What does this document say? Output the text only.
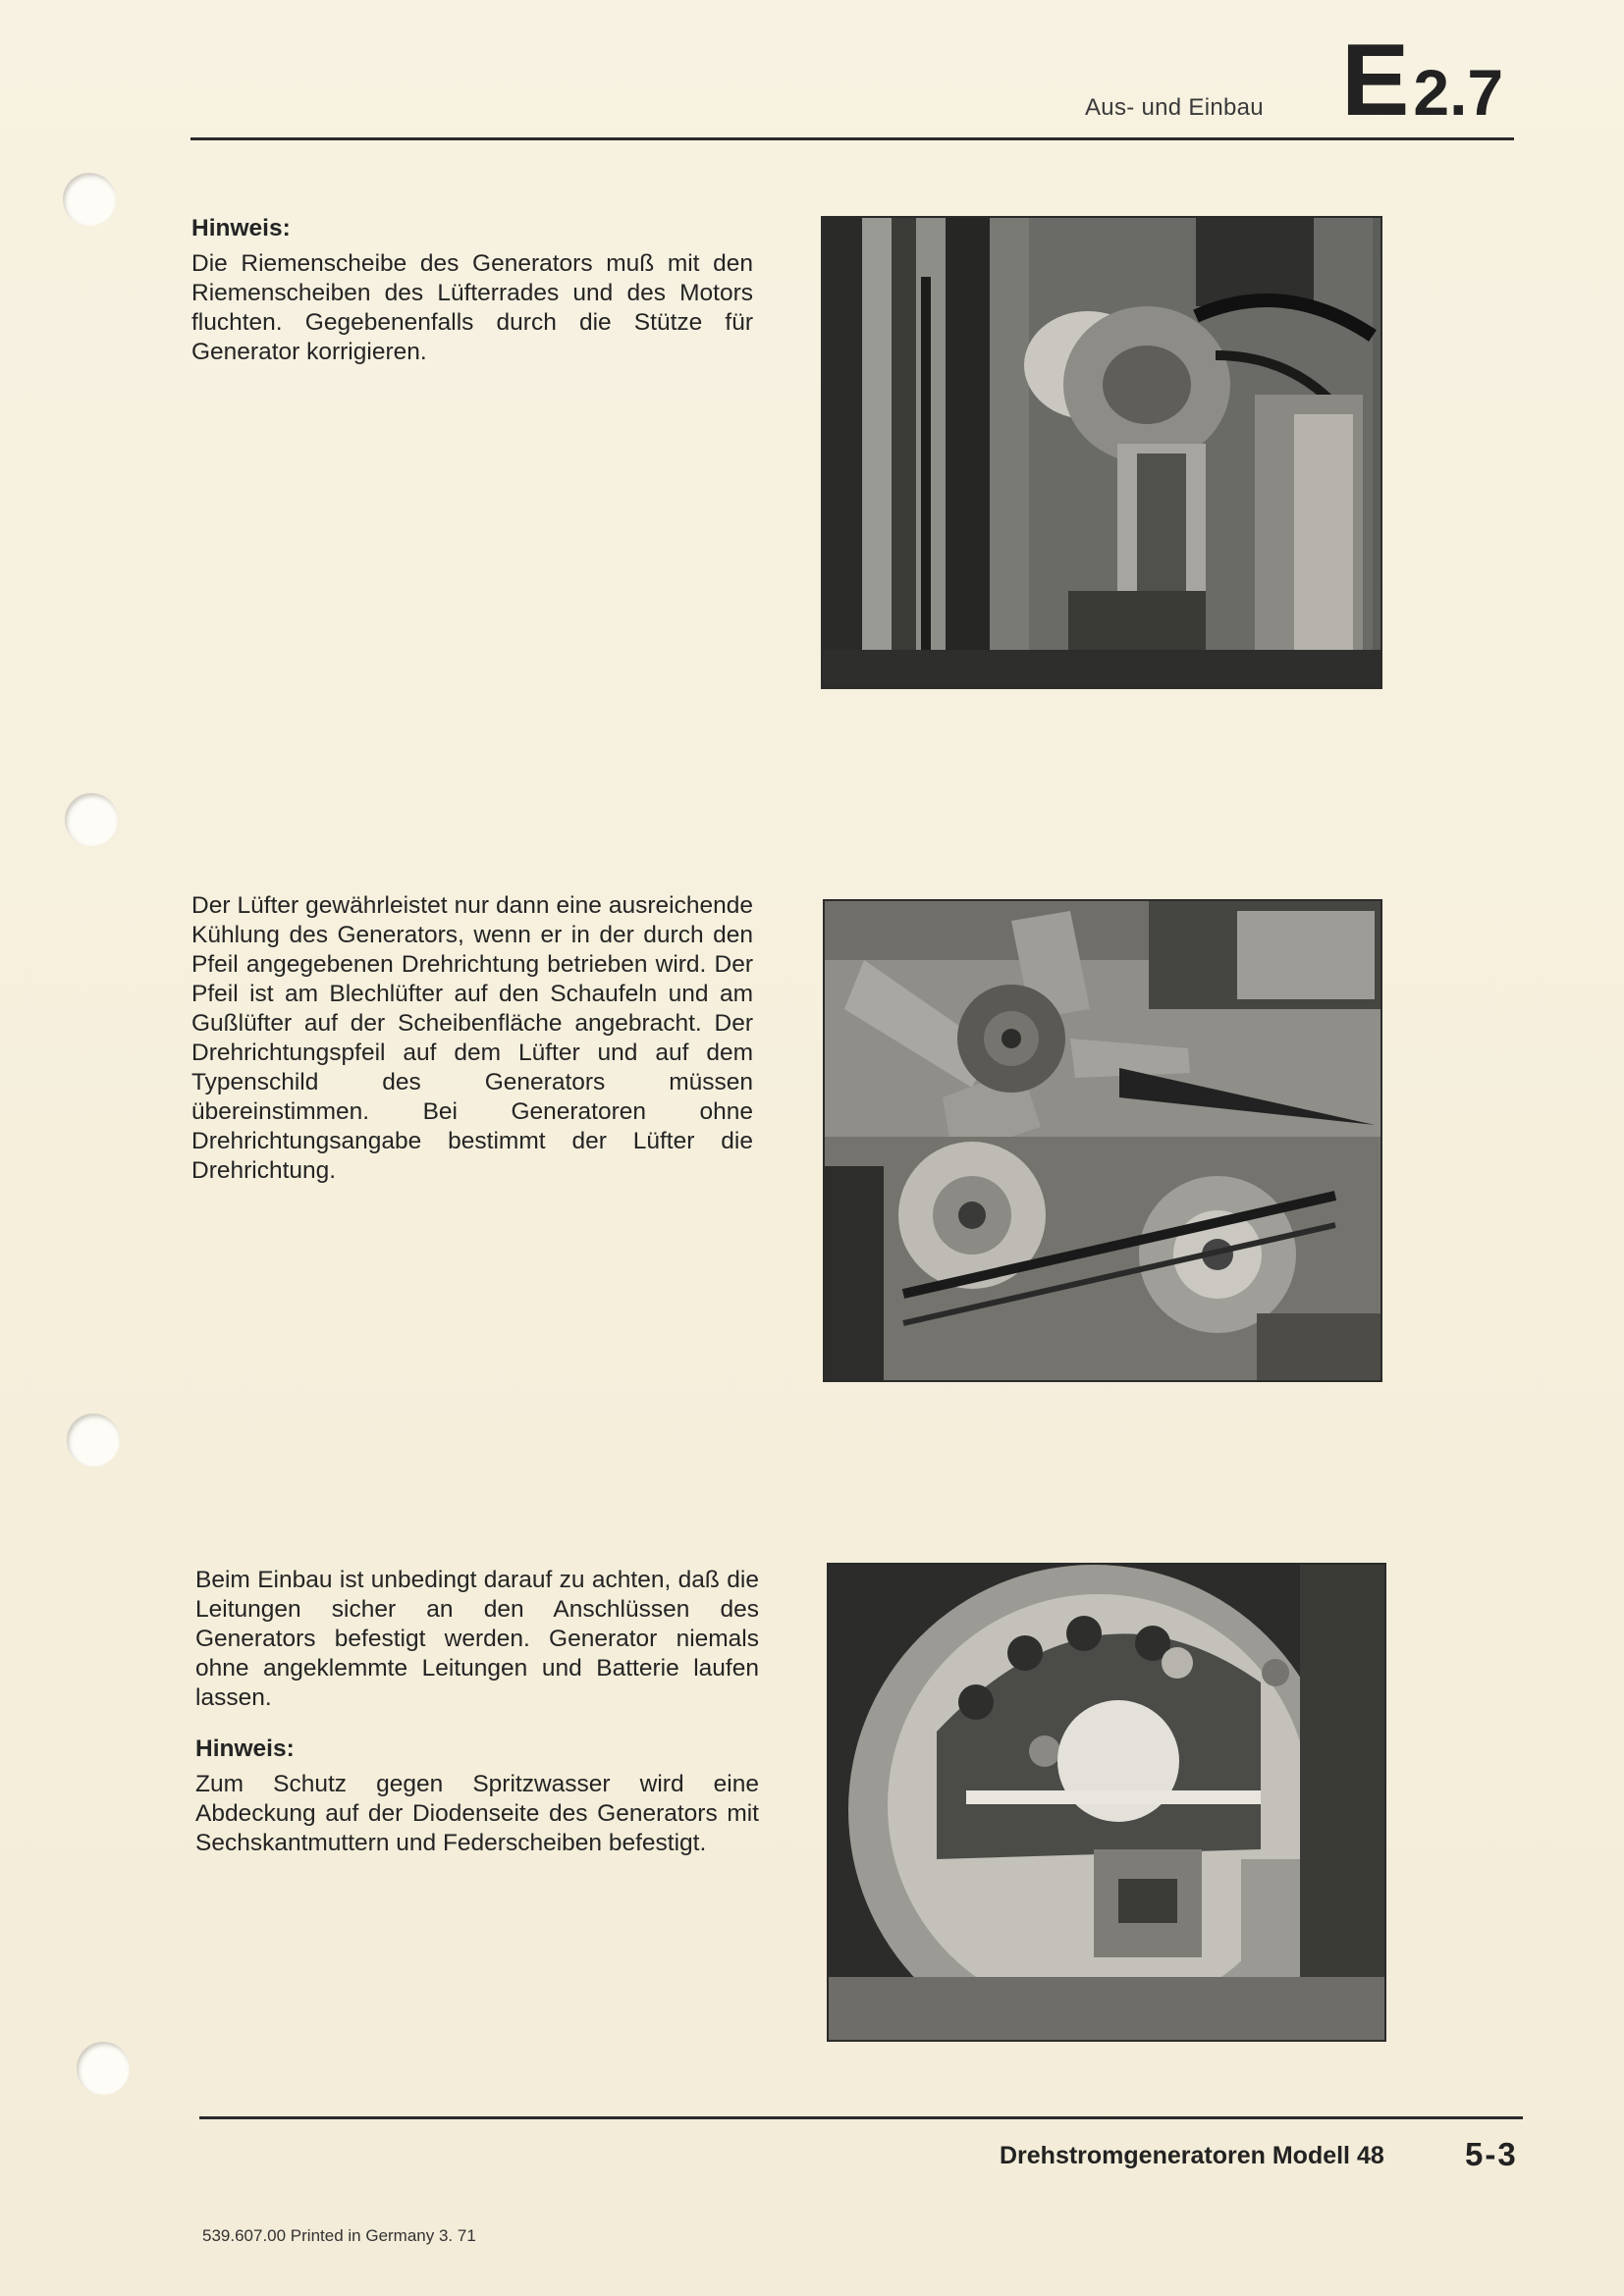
Aus- und Einbau E2.7
Hinweis:

Die Riemenscheibe des Generators muß mit den Riemenscheiben des Lüfterrades und des Motors fluchten. Gegebenenfalls durch die Stütze für Generator korrigieren.

Der Lüfter gewährleistet nur dann eine ausreichende Kühlung des Generators, wenn er in der durch den Pfeil angegebenen Drehrichtung betrieben wird. Der Pfeil ist am Blechlüfter auf den Schaufeln und am Gußlüfter auf der Scheibenfläche angebracht. Der Drehrichtungspfeil auf dem Lüfter und auf dem Typenschild des Generators müssen übereinstimmen. Bei Generatoren ohne Drehrichtungsangabe bestimmt der Lüfter die Drehrichtung.

Beim Einbau ist unbedingt darauf zu achten, daß die Leitungen sicher an den Anschlüssen des Generators befestigt werden. Generator niemals ohne angeklemmte Leitungen und Batterie laufen lassen.

Hinweis:

Zum Schutz gegen Spritzwasser wird eine Abdeckung auf der Diodenseite des Generators mit Sechskantmuttern und Federscheiben befestigt.

Drehstromgeneratoren Modell 48 5-3
539.607.00 Printed in Germany 3. 71
